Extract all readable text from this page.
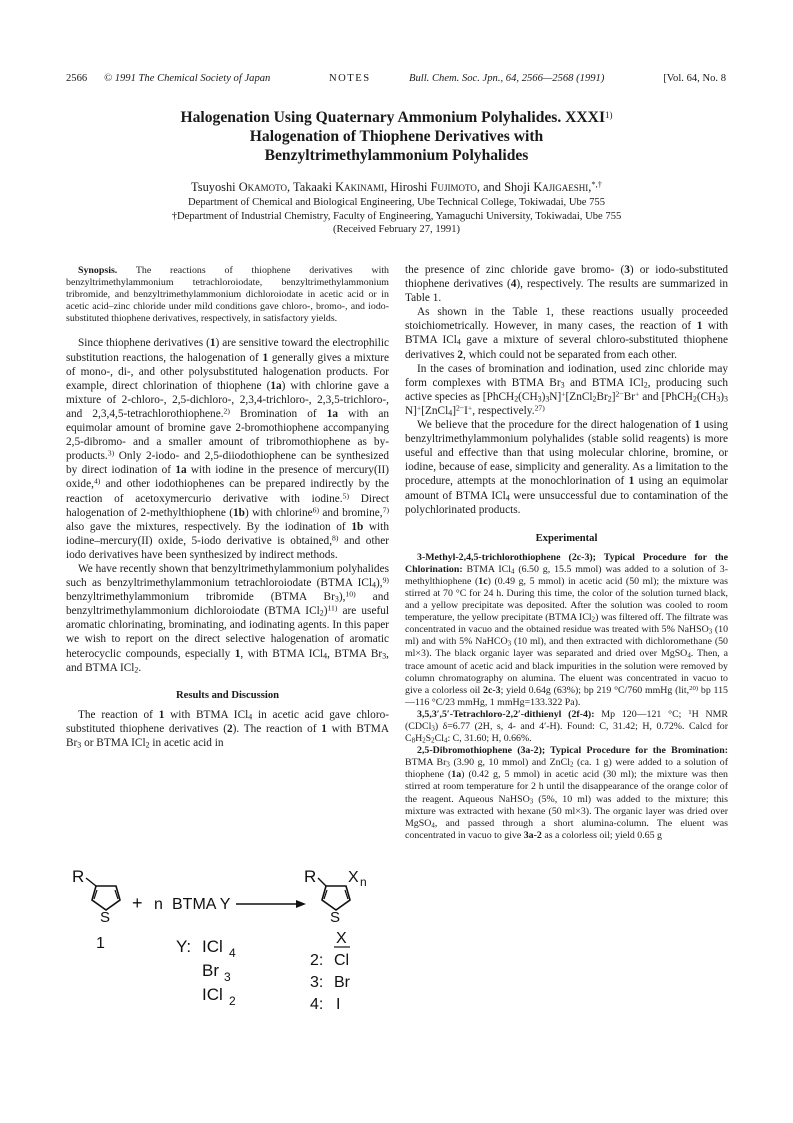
2566 © 1991 The Chemical Society of Japan	NOTES	Bull. Chem. Soc. Jpn., 64, 2566—2568 (1991)	[Vol. 64, No. 8
Halogenation Using Quaternary Ammonium Polyhalides. XXXI$^{1)}$
Halogenation of Thiophene Derivatives with
Benzyltrimethylammonium Polyhalides

Tsuyoshi Okamoto, Takaaki Kakinami, Hiroshi Fujimoto, and Shoji Kajigaeshi,*,†

Department of Chemical and Biological Engineering, Ube Technical College, Tokiwadai, Ube 755
†Department of Industrial Chemistry, Faculty of Engineering, Yamaguchi University, Tokiwadai, Ube 755
(Received February 27, 1991)

Synopsis. The reactions of thiophene derivatives with benzyltrimethylammonium tetrachloroiodate, benzyltrimethylammonium tribromide, and benzyltrimethylammonium dichloroiodate in acetic acid or in acetic acid–zinc chloride under mild conditions gave chloro-, bromo-, and iodo-substituted thiophene derivatives, respectively, in satisfactory yields.

Since thiophene derivatives (1) are sensitive toward the electrophilic substitution reactions, the halogenation of 1 generally gives a mixture of mono-, di-, and other polysubstituted halogenation products. For example, direct chlorination of thiophene (1a) with chlorine gave a mixture of 2-chloro-, 2,5-dichloro-, 2,3,4-trichloro-, 2,3,5-trichloro-, and 2,3,4,5-tetrachlorothiophene.$^{2)}$ Bromination of 1a with an equimolar amount of bromine gave 2-bromothiophene accompanying 2,5-dibromo- and a smaller amount of tribromothiophene as by-products.$^{3)}$ Only 2-iodo- and 2,5-diiodothiophene can be synthesized by direct iodination of 1a with iodine in the presence of mercury(II) oxide,$^{4)}$ and other iodothiophenes can be prepared indirectly by the reaction of acetoxymercurio derivative with iodine.$^{5)}$ Direct halogenation of 2-methylthiophene (1b) with chlorine$^{6)}$ and bromine,$^{7)}$ also gave the mixtures, respectively. By the iodination of 1b with iodine–mercury(II) oxide, 5-iodo derivative is obtained,$^{8)}$ and other iodo derivatives have been synthesized by indirect methods.

We have recently shown that benzyltrimethylammonium polyhalides such as benzyltrimethylammonium tetrachloroiodate (BTMA ICl$_4$),$^{9)}$ benzyltrimethylammonium tribromide (BTMA $Br_3),^{10)}$ and benzyltrimethylammonium dichloroiodate (BTMA ICl$_2$)$^{11)}$ are useful aromatic chlorinating, brominating, and iodinating agents. In this paper we wish to report on the direct selective halogenation of aromatic heterocyclic compounds, especially 1, with BTMA ICl$_4$, BTMA $Br_3$, and BTMA ICl$_2$.

Results and Discussion

The reaction of 1 with BTMA ICl$_4$ in acetic acid gave chloro-substituted thiophene derivatives (2). The reaction of 1 with BTMA $Br_3$ or BTMA ICl$_2$ in acetic acid in

R
S
+ n BTMA Y
R
S
X n
1	Y: ICl 4
Br 3
ICl 2
X
2: Cl
3: Br
4: I

the presence of zinc chloride gave bromo- (3) or iodo-substituted thiophene derivatives (4), respectively. The results are summarized in Table 1.

As shown in the Table 1, these reactions usually proceeded stoichiometrically. However, in many cases, the reaction of 1 with BTMA ICl$_4$ gave a mixture of several chloro-substituted thiophene derivatives 2, which could not be separated from each other.

In the cases of bromination and iodination, used zinc chloride may form complexes with BTMA $Br_3$ and BTMA ICl$_2$, producing such active species as $[PhCH_2(CH_3)_3N]^+[ZnCl_2Br_2]^{2-}Br^+$ and [$PhCH_2(CH_3)_3$ N]+[ZnCl$_4$]$^{2-}$I+, respectively.$^{27)}$

We believe that the procedure for the direct halogenation of 1 using benzyltrimethylammonium polyhalides (stable solid reagents) is more useful and effective than that using molecular chlorine, bromine, or iodine, because of ease, simplicity and generality. As a limitation to the procedure, attempts at the monochlorination of 1 using an equimolar amount of BTMA ICl$_4$ were unsuccessful due to contamination of the polychlorinated products.

Experimental

3-Methyl-2,4,5-trichlorothiophene (2c-3); Typical Procedure for the Chlorination: BTMA ICl$_4$ (6.50 g, 15.5 mmol) was added to a solution of 3-methylthiophene (1c) (0.49 g, 5 mmol) in acetic acid (50 ml); the mixture was stirred at 70 °C for 24 h. During this time, the color of the solution turned black, and a yellow precipitate was deposited. After the solution was cooled to room temperature, the yellow precipitate (BTMA ICl$_2$) was filtered off. The filtrate was concentrated in vacuo and the obtained residue was treated with 5% NaHSO$_3$ (10 ml) and with 5% NaHCO$_3$ (10 ml), and then extracted with dichloromethane (50 ml×3). The black organic layer was separated and dried over MgSO$_4$. Then, a trace amount of acetic acid and black impurities in the solution were removed by column chromatography on alumina. The eluent was concentrated in vacuo to give a colorless oil 2c-3; yield 0.64g (63%); bp 219 °C/760 mmHg (lit,$^{20)}$ bp 115—116 °C/23 mmHg, 1 mmHg=133.322 Pa).

3,5,3′,5′-Tetrachloro-2,2′-dithienyl (2f-4): Mp 120—121 °C; $^1$H NMR (CDCl$_3$) δ=6.77 (2H, s, 4- and 4′-H). Found: C, 31.42; H, 0.72%. Calcd for $C_8H_2S_2Cl_4$: C, 31.60; H, 0.66%.

2,5-Dibromothiophene (3a-2); Typical Procedure for the Bromination: BTMA $Br_3$ (3.90 g, 10 mmol) and ZnCl$_2$ (ca. 1 g) were added to a solution of thiophene (1a) (0.42 g, 5 mmol) in acetic acid (30 ml); the mixture was then stirred at room temperature for 2 h until the disappearance of the orange color of the reagent. Aqueous NaHSO$_3$ (5%, 10 ml) was added to the mixture; this mixture was extracted with hexane (50 ml×3). The organic layer was dried over MgSO$_4$, and passed through a short alumina-column. The eluent was concentrated in vacuo to give 3a-2 as a colorless oil; yield 0.65 g
